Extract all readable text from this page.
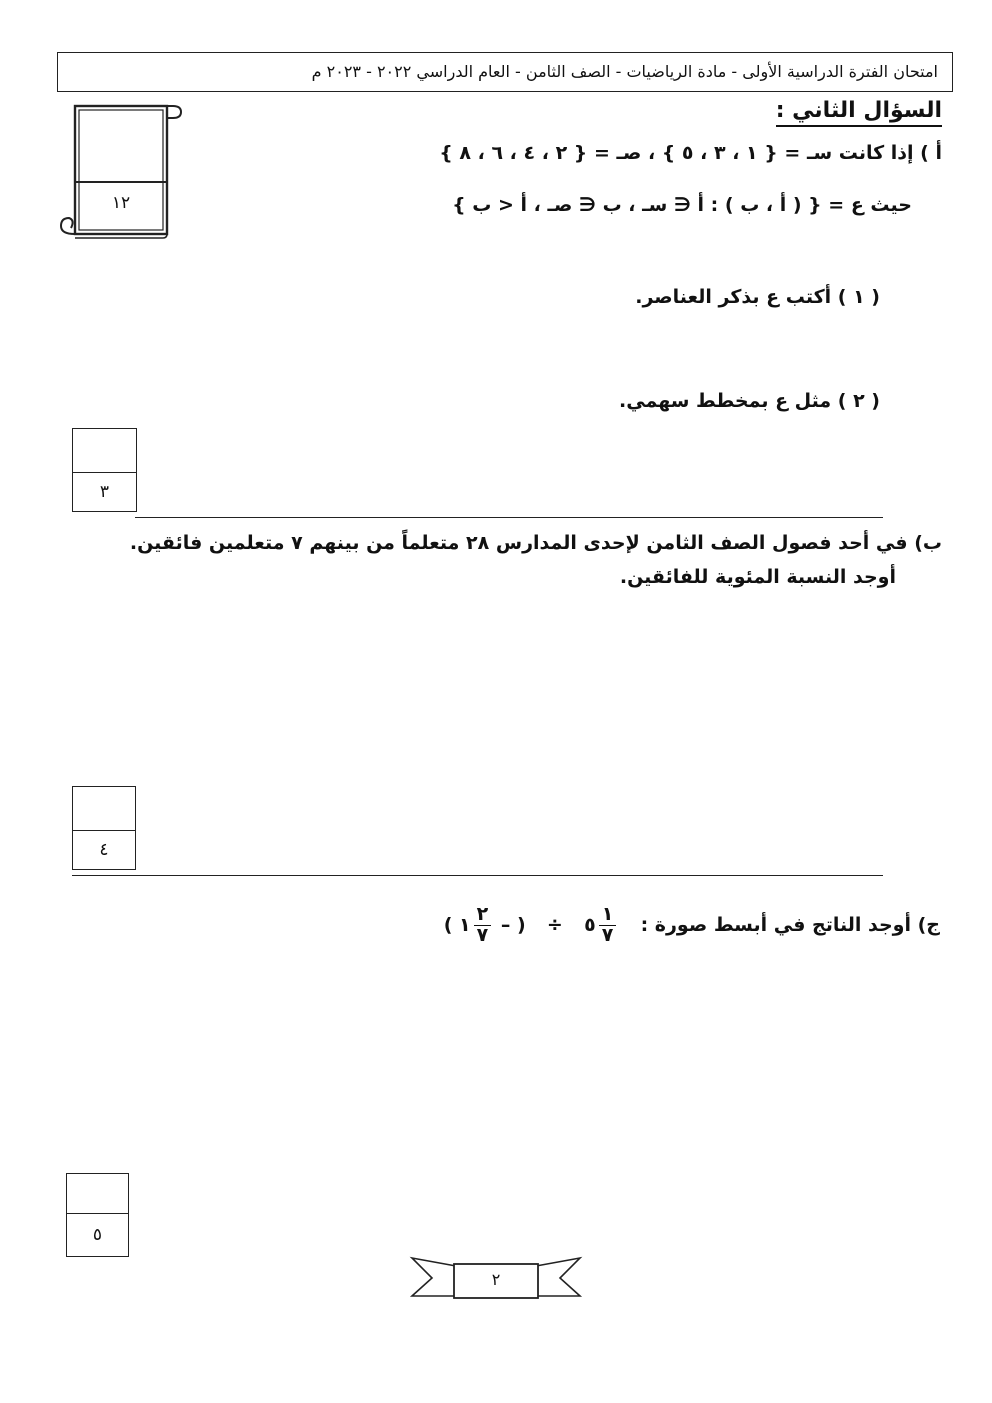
امتحان الفترة الدراسية الأولى - مادة الرياضيات - الصف الثامن - العام الدراسي ٢٠٢٢ - ٢٠٢٣ م
١٢
السؤال الثاني :
أ ) إذا كانت سـ = { ١ ، ٣ ، ٥ } ، صـ = { ٢ ، ٤ ، ٦ ، ٨ }
حيث ع = { ( ﺃ ، ب ) : ﺃ ∈ سـ ، ب ∈ صـ ، ﺃ < ب }
( ١ ) أكتب ع بذكر العناصر.
( ٢ ) مثل ع بمخطط سهمي.
٣
ب) في أحد فصول الصف الثامن لإحدى المدارس ٢٨ متعلماً من بينهم ٧ متعلمين فائقين.
أوجد النسبة المئوية للفائقين.
٤
ج) أوجد الناتج في أبسط صورة :
$\frac{١}{٧}$
٥  ÷  ( –
$\frac{٢}{٧}$
١ )
٥
٢
